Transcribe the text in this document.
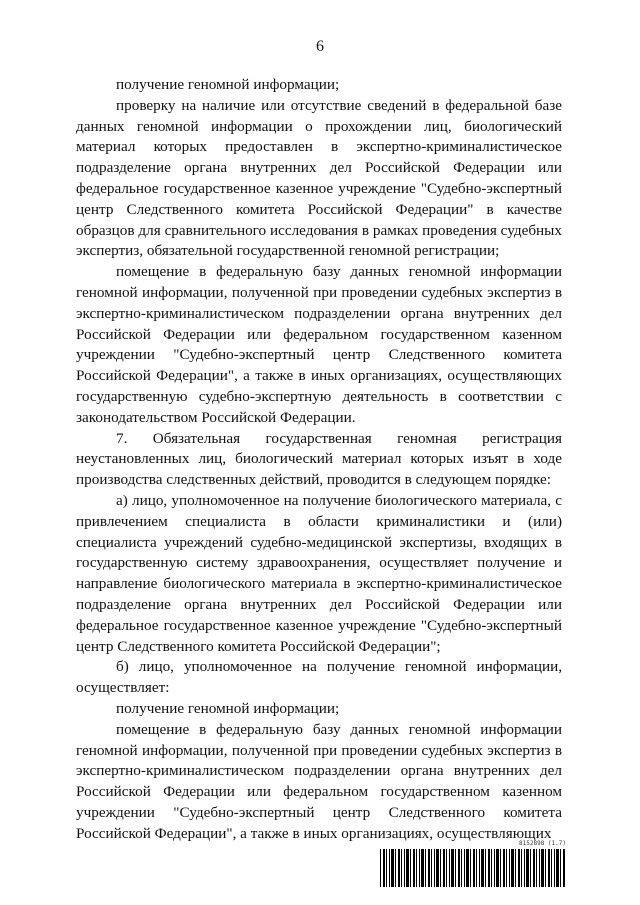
6

получение геномной информации;

проверку на наличие или отсутствие сведений в федеральной базе данных геномной информации о прохождении лиц, биологический материал которых предоставлен в экспертно-криминалистическое подразделение органа внутренних дел Российской Федерации или федеральное государственное казенное учреждение "Судебно-экспертный центр Следственного комитета Российской Федерации" в качестве образцов для сравнительного исследования в рамках проведения судебных экспертиз, обязательной государственной геномной регистрации;

помещение в федеральную базу данных геномной информации геномной информации, полученной при проведении судебных экспертиз в экспертно-криминалистическом подразделении органа внутренних дел Российской Федерации или федеральном государственном казенном учреждении "Судебно-экспертный центр Следственного комитета Российской Федерации", а также в иных организациях, осуществляющих государственную судебно-экспертную деятельность в соответствии с законодательством Российской Федерации.

7. Обязательная государственная геномная регистрация неустановленных лиц, биологический материал которых изъят в ходе производства следственных действий, проводится в следующем порядке:

а) лицо, уполномоченное на получение биологического материала, с привлечением специалиста в области криминалистики и (или) специалиста учреждений судебно-медицинской экспертизы, входящих в государственную систему здравоохранения, осуществляет получение и направление биологического материала в экспертно-криминалистическое подразделение органа внутренних дел Российской Федерации или федеральное государственное казенное учреждение "Судебно-экспертный центр Следственного комитета Российской Федерации";

б) лицо, уполномоченное на получение геномной информации, осуществляет:

получение геномной информации;

помещение в федеральную базу данных геномной информации геномной информации, полученной при проведении судебных экспертиз в экспертно-криминалистическом подразделении органа внутренних дел Российской Федерации или федеральном государственном казенном учреждении "Судебно-экспертный центр Следственного комитета Российской Федерации", а также в иных организациях, осуществляющих

8152898 (1.7)
